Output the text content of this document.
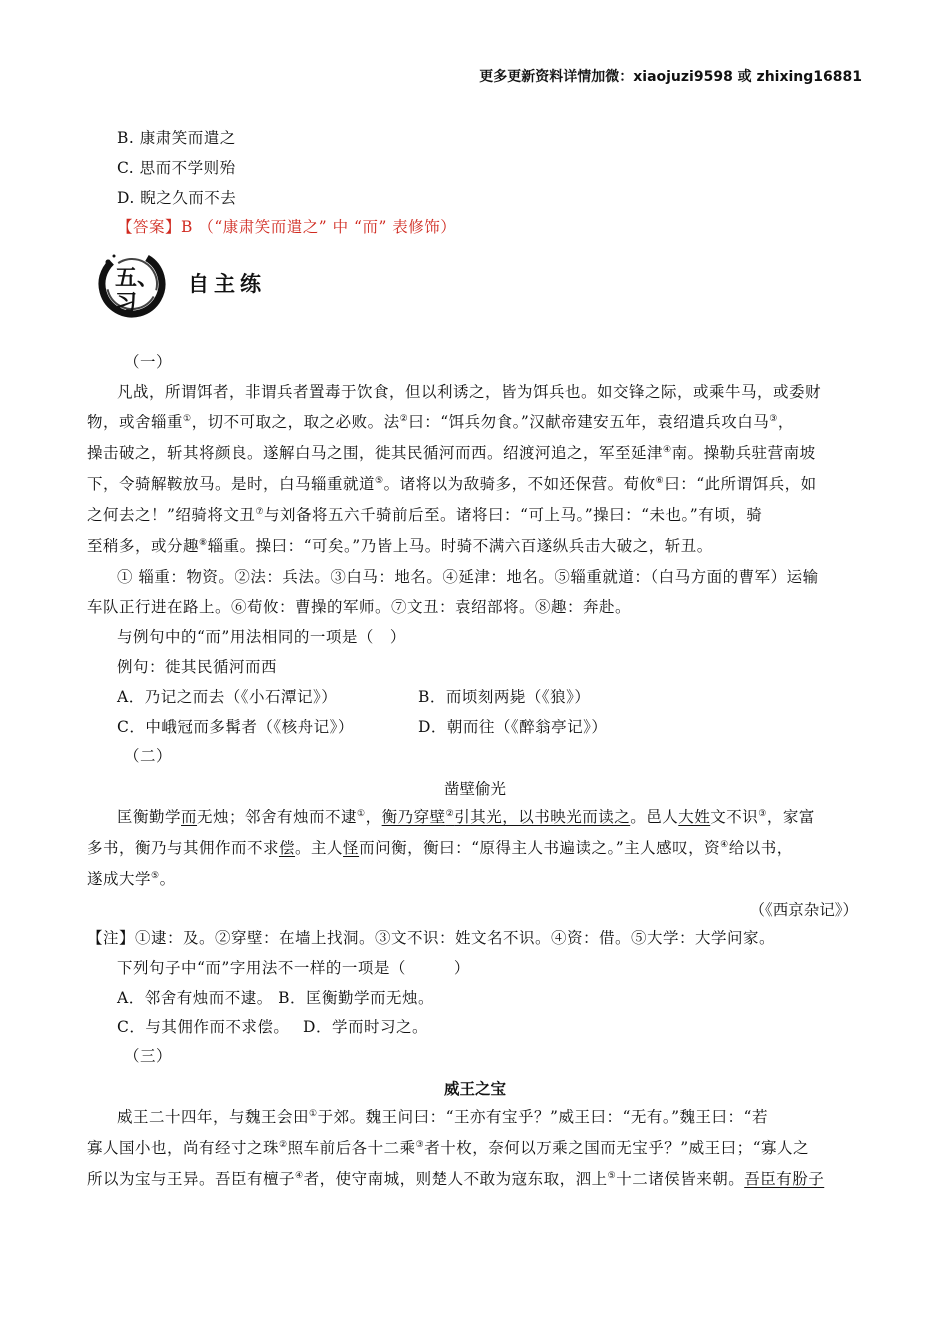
更多更新资料详情加微：xiaojuzi9598 或 zhixing16881
B. 康肃笑而遣之
C. 思而不学则殆
D. 睨之久而不去
【答案】B （“康肃笑而遣之” 中 “而” 表修饰）
五、
习
自主练
（一）
凡战，所谓饵者，非谓兵者置毒于饮食，但以利诱之，皆为饵兵也。如交锋之际，或乘牛马，或委财
物，或舍辎重①，切不可取之，取之必败。法②曰：“饵兵勿食。”汉献帝建安五年，袁绍遣兵攻白马③，
操击破之，斩其将颜良。遂解白马之围，徙其民循河而西。绍渡河追之，军至延津④南。操勒兵驻营南坡
下，令骑解鞍放马。是时，白马辎重就道⑤。诸将以为敌骑多，不如还保营。荀攸⑥曰：“此所谓饵兵，如
之何去之！”绍骑将文丑⑦与刘备将五六千骑前后至。诸将曰：“可上马。”操曰：“未也。”有顷，骑
至稍多，或分趣⑧辎重。操曰：“可矣。”乃皆上马。时骑不满六百遂纵兵击大破之，斩丑。
① 辎重：物资。②法：兵法。③白马：地名。④延津：地名。⑤辎重就道：（白马方面的曹军）运输
车队正行进在路上。⑥荀攸：曹操的军师。⑦文丑：袁绍部将。⑧趣：奔赴。
与例句中的“而”用法相同的一项是（　）
例句：徙其民循河而西
A．乃记之而去（《小石潭记》）	B．而顷刻两毙（《狼》）
C．中峨冠而多髯者（《核舟记》）	D．朝而往（《醉翁亭记》）
（二）
凿壁偷光
匡衡勤学而无烛；邻舍有烛而不逮①，衡乃穿壁②引其光，以书映光而读之。邑人大姓文不识③，家富
多书，衡乃与其佣作而不求偿。主人怪而问衡，衡曰：“原得主人书遍读之。”主人感叹，资④给以书，
遂成大学⑤。
（《西京杂记》）
【注】①逮：及。②穿壁：在墙上找洞。③文不识：姓文名不识。④资：借。⑤大学：大学问家。
下列句子中“而”字用法不一样的一项是（　　　）
A．邻舍有烛而不逮。 B．匡衡勤学而无烛。
C．与其佣作而不求偿。　 D．学而时习之。
（三）
威王之宝
威王二十四年，与魏王会田①于郊。魏王问曰：“王亦有宝乎？”威王曰：“无有。”魏王曰：“若
寡人国小也，尚有经寸之珠②照车前后各十二乘③者十枚，奈何以万乘之国而无宝乎？”威王曰；“寡人之
所以为宝与王异。吾臣有檀子④者，使守南城，则楚人不敢为寇东取，泗上⑤十二诸侯皆来朝。吾臣有肦子
